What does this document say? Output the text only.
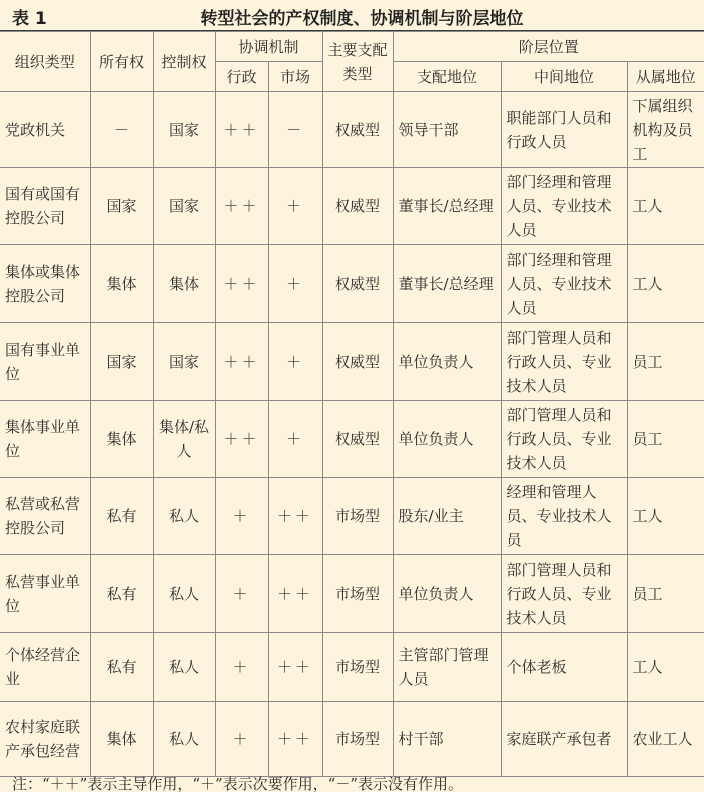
表 1	转型社会的产权制度、协调机制与阶层地位
组织类型	所有权	控制权	协调机制		主要支配类型	阶层位置		
			行政	市场		支配地位	中间地位	从属地位
党政机关	－	国家	＋＋	－	权威型	领导干部	职能部门人员和行政人员	下属组织机构及员工
国有或国有控股公司	国家	国家	＋＋	＋	权威型	董事长/总经理	部门经理和管理人员、专业技术人员	工人
集体或集体控股公司	集体	集体	＋＋	＋	权威型	董事长/总经理	部门经理和管理人员、专业技术人员	工人
国有事业单位	国家	国家	＋＋	＋	权威型	单位负责人	部门管理人员和行政人员、专业技术人员	员工
集体事业单位	集体	集体/私人	＋＋	＋	权威型	单位负责人	部门管理人员和行政人员、专业技术人员	员工
私营或私营控股公司	私有	私人	＋	＋＋	市场型	股东/业主	经理和管理人员、专业技术人员	工人
私营事业单位	私有	私人	＋	＋＋	市场型	单位负责人	部门管理人员和行政人员、专业技术人员	员工
个体经营企业	私有	私人	＋	＋＋	市场型	主管部门管理人员	个体老板	工人
农村家庭联产承包经营	集体	私人	＋	＋＋	市场型	村干部	家庭联产承包者	农业工人
注：“＋＋”表示主导作用，“＋”表示次要作用，“－”表示没有作用。
